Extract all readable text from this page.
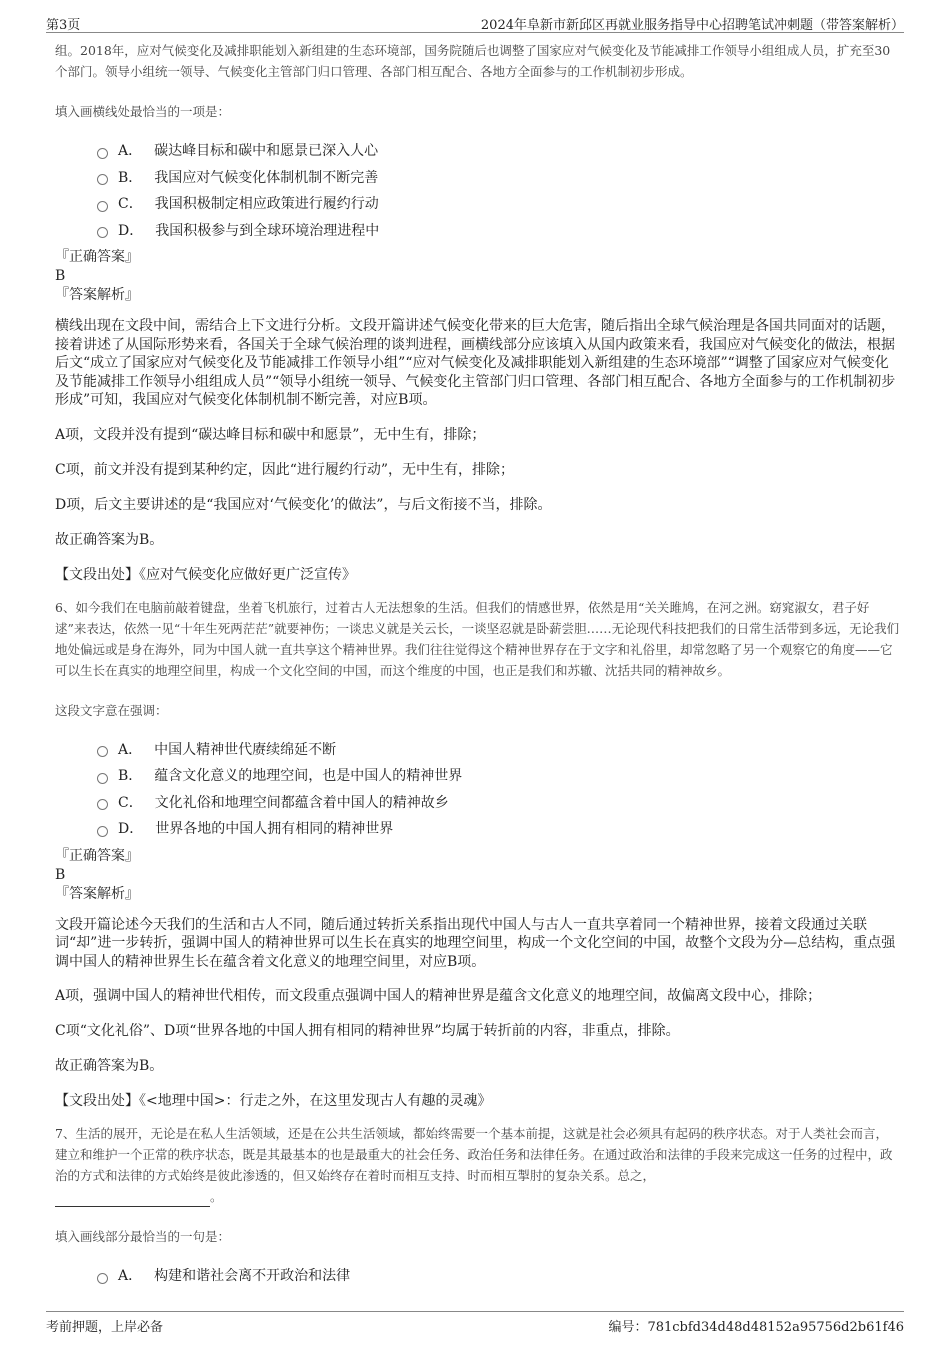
第3页	2024年阜新市新邱区再就业服务指导中心招聘笔试冲刺题（带答案解析）

组。2018年，应对气候变化及减排职能划入新组建的生态环境部，国务院随后也调整了国家应对气候变化及节能减排工作领导小组组成人员，扩充至30个部门。领导小组统一领导、气候变化主管部门归口管理、各部门相互配合、各地方全面参与的工作机制初步形成。

填入画横线处最恰当的一项是：

A． 碳达峰目标和碳中和愿景已深入人心
B． 我国应对气候变化体制机制不断完善
C． 我国积极制定相应政策进行履约行动
D． 我国积极参与到全球环境治理进程中
『正确答案』
B
『答案解析』

横线出现在文段中间，需结合上下文进行分析。文段开篇讲述气候变化带来的巨大危害，随后指出全球气候治理是各国共同面对的话题，接着讲述了从国际形势来看，各国关于全球气候治理的谈判进程，画横线部分应该填入从国内政策来看，我国应对气候变化的做法，根据后文“成立了国家应对气候变化及节能减排工作领导小组”“应对气候变化及减排职能划入新组建的生态环境部”“调整了国家应对气候变化及节能减排工作领导小组组成人员”“领导小组统一领导、气候变化主管部门归口管理、各部门相互配合、各地方全面参与的工作机制初步形成”可知，我国应对气候变化体制机制不断完善，对应B项。

A项，文段并没有提到“碳达峰目标和碳中和愿景”，无中生有，排除；

C项，前文并没有提到某种约定，因此“进行履约行动”，无中生有，排除；

D项，后文主要讲述的是“我国应对‘气候变化’的做法”，与后文衔接不当，排除。

故正确答案为B。

【文段出处】《应对气候变化应做好更广泛宣传》

6、如今我们在电脑前敲着键盘，坐着飞机旅行，过着古人无法想象的生活。但我们的情感世界，依然是用“关关雎鸠，在河之洲。窈窕淑女，君子好逑”来表达，依然一见“十年生死两茫茫”就要神伤；一谈忠义就是关云长，一谈坚忍就是卧薪尝胆……无论现代科技把我们的日常生活带到多远，无论我们地处偏远或是身在海外，同为中国人就一直共享这个精神世界。我们往往觉得这个精神世界存在于文字和礼俗里，却常忽略了另一个观察它的角度——它可以生长在真实的地理空间里，构成一个文化空间的中国，而这个维度的中国，也正是我们和苏辙、沈括共同的精神故乡。

这段文字意在强调：

A． 中国人精神世代赓续绵延不断
B． 蕴含文化意义的地理空间，也是中国人的精神世界
C． 文化礼俗和地理空间都蕴含着中国人的精神故乡
D． 世界各地的中国人拥有相同的精神世界
『正确答案』
B
『答案解析』

文段开篇论述今天我们的生活和古人不同，随后通过转折关系指出现代中国人与古人一直共享着同一个精神世界，接着文段通过关联词“却”进一步转折，强调中国人的精神世界可以生长在真实的地理空间里，构成一个文化空间的中国，故整个文段为分—总结构，重点强调中国人的精神世界生长在蕴含着文化意义的地理空间里，对应B项。

A项，强调中国人的精神世代相传，而文段重点强调中国人的精神世界是蕴含文化意义的地理空间，故偏离文段中心，排除；

C项“文化礼俗”、D项“世界各地的中国人拥有相同的精神世界”均属于转折前的内容，非重点，排除。

故正确答案为B。

【文段出处】《<地理中国>：行走之外，在这里发现古人有趣的灵魂》

7、生活的展开，无论是在私人生活领域，还是在公共生活领域，都始终需要一个基本前提，这就是社会必须具有起码的秩序状态。对于人类社会而言，建立和维护一个正常的秩序状态，既是其最基本的也是最重大的社会任务、政治任务和法律任务。在通过政治和法律的手段来完成这一任务的过程中，政治的方式和法律的方式始终是彼此渗透的，但又始终存在着时而相互支持、时而相互掣肘的复杂关系。总之，
。

填入画线部分最恰当的一句是：

A． 构建和谐社会离不开政治和法律
考前押题，上岸必备	编号：781cbfd34d48d48152a95756d2b61f46
